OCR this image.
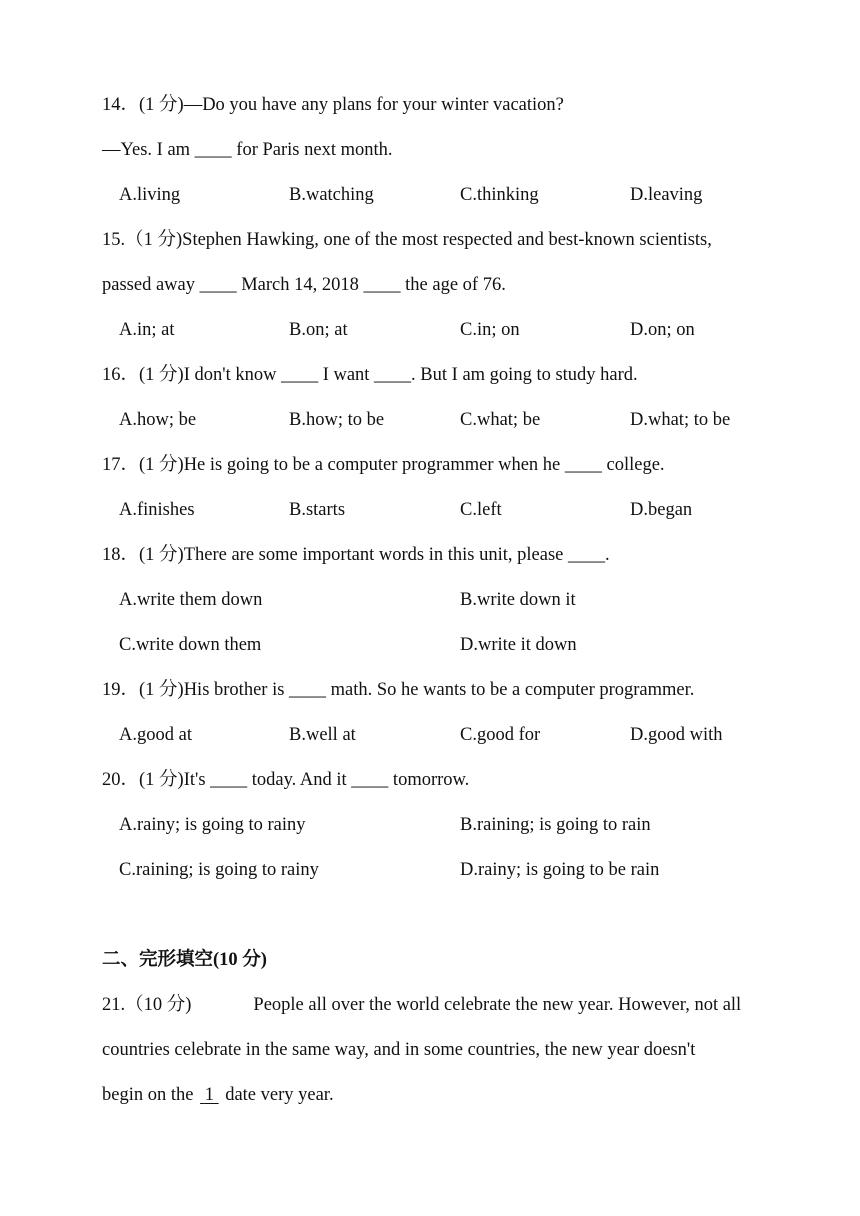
14．(1 分)—Do you have any plans for your winter vacation?
—Yes. I am ____ for Paris next month.
A.living	B.watching	C.thinking	D.leaving
15.（1 分)Stephen Hawking, one of the most respected and best-known scientists,
passed away ____ March 14, 2018 ____ the age of 76.
A.in; at	B.on; at	C.in; on	D.on; on
16．(1 分)I don't know ____ I want ____. But I am going to study hard.
A.how; be	B.how; to be	C.what; be	D.what; to be
17．(1 分)He is going to be a computer programmer when he ____ college.
A.finishes	B.starts	C.left	D.began
18．(1 分)There are some important words in this unit, please ____.
A.write them down	B.write down it
C.write down them	D.write it down
19．(1 分)His brother is ____ math. So he wants to be a computer programmer.
A.good at	B.well at	C.good for	D.good with
20．(1 分)It's ____ today. And it ____ tomorrow.
A.rainy; is going to rainy	B.raining; is going to rain
C.raining; is going to rainy	D.rainy; is going to be rain
二、完形填空(10 分)
21.（10 分)	People all over the world celebrate the new year. However, not all
countries celebrate in the same way, and in some countries, the new year doesn't
begin on the 1 date very year.
